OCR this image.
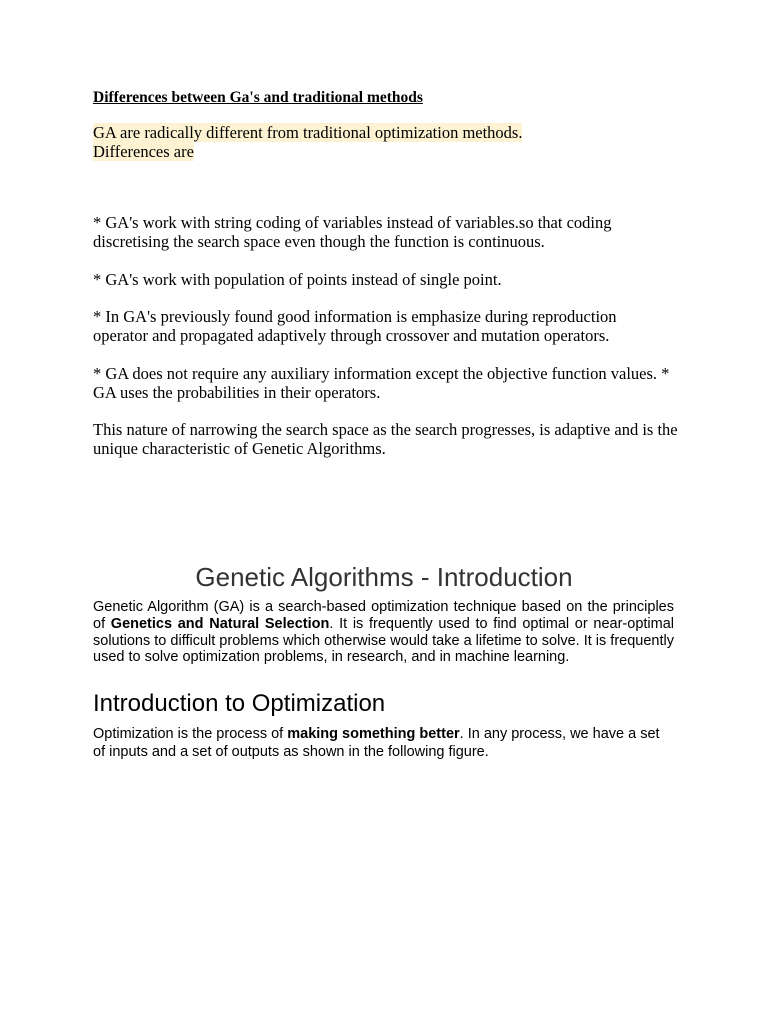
Differences between Ga's and traditional methods

GA are radically different from traditional optimization methods.
Differences are

* GA's work with string coding of variables instead of variables.so that coding discretising the search space even though the function is continuous.

* GA's work with population of points instead of single point.

* In GA's previously found good information is emphasize during reproduction operator and propagated adaptively through crossover and mutation operators.

* GA does not require any auxiliary information except the objective function values. * GA uses the probabilities in their operators.

This nature of narrowing the search space as the search progresses, is adaptive and is the unique characteristic of Genetic Algorithms.

Genetic Algorithms - Introduction

Genetic Algorithm (GA) is a search-based optimization technique based on the principles of Genetics and Natural Selection. It is frequently used to find optimal or near-optimal solutions to difficult problems which otherwise would take a lifetime to solve. It is frequently used to solve optimization problems, in research, and in machine learning.

Introduction to Optimization

Optimization is the process of making something better. In any process, we have a set of inputs and a set of outputs as shown in the following figure.
